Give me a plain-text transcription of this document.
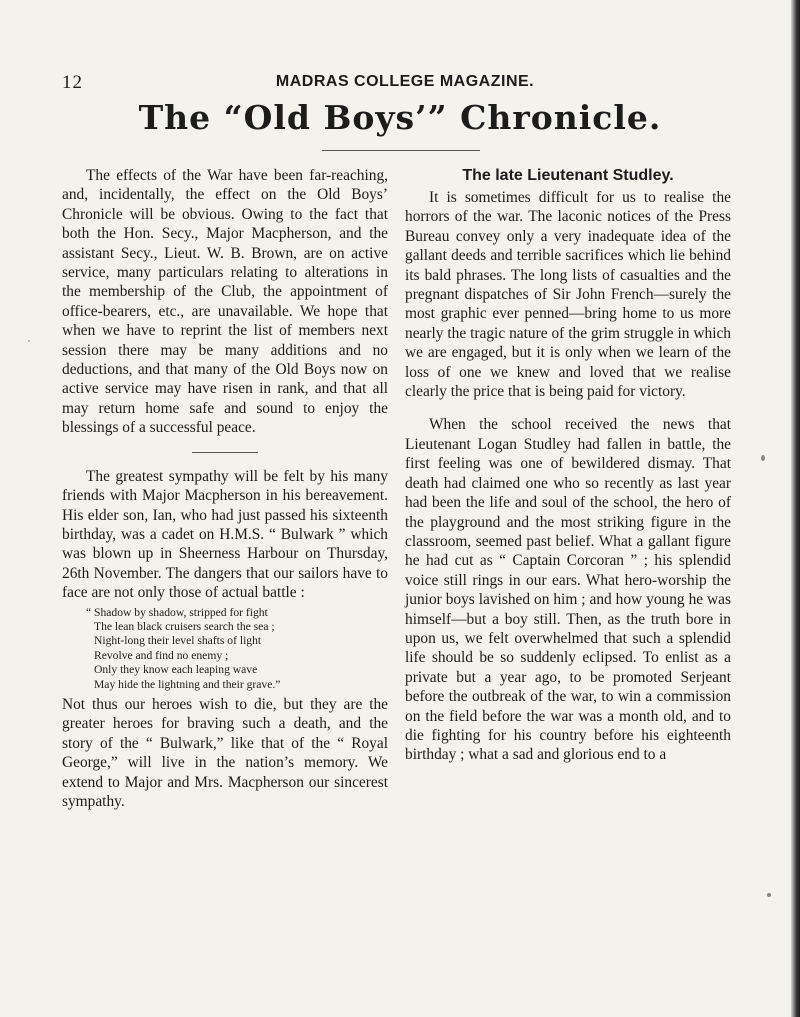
12	MADRAS COLLEGE MAGAZINE.
The “Old Boys’” Chronicle.

The effects of the War have been far-reaching, and, incidentally, the effect on the Old Boys’ Chronicle will be obvious. Owing to the fact that both the Hon. Secy., Major Macpherson, and the assistant Secy., Lieut. W. B. Brown, are on active service, many particulars relating to alterations in the membership of the Club, the appointment of office-bearers, etc., are unavailable. We hope that when we have to reprint the list of members next session there may be many additions and no deductions, and that many of the Old Boys now on active service may have risen in rank, and that all may return home safe and sound to enjoy the blessings of a successful peace.

The greatest sympathy will be felt by his many friends with Major Macpherson in his bereavement. His elder son, Ian, who had just passed his sixteenth birthday, was a cadet on H.M.S. “ Bulwark ” which was blown up in Sheerness Harbour on Thursday, 26th November. The dangers that our sailors have to face are not only those of actual battle :

“ Shadow by shadow, stripped for fight
The lean black cruisers search the sea ;
Night-long their level shafts of light
Revolve and find no enemy ;
Only they know each leaping wave
May hide the lightning and their grave.”

Not thus our heroes wish to die, but they are the greater heroes for braving such a death, and the story of the “ Bulwark,” like that of the “ Royal George,” will live in the nation’s memory. We extend to Major and Mrs. Macpherson our sincerest sympathy.

The late Lieutenant Studley.

It is sometimes difficult for us to realise the horrors of the war. The laconic notices of the Press Bureau convey only a very inadequate idea of the gallant deeds and terrible sacrifices which lie behind its bald phrases. The long lists of casualties and the pregnant dispatches of Sir John French—surely the most graphic ever penned—bring home to us more nearly the tragic nature of the grim struggle in which we are engaged, but it is only when we learn of the loss of one we knew and loved that we realise clearly the price that is being paid for victory.

When the school received the news that Lieutenant Logan Studley had fallen in battle, the first feeling was one of bewildered dismay. That death had claimed one who so recently as last year had been the life and soul of the school, the hero of the playground and the most striking figure in the classroom, seemed past belief. What a gallant figure he had cut as “ Captain Corcoran ” ; his splendid voice still rings in our ears. What hero-worship the junior boys lavished on him ; and how young he was himself—but a boy still. Then, as the truth bore in upon us, we felt overwhelmed that such a splendid life should be so suddenly eclipsed. To enlist as a private but a year ago, to be promoted Serjeant before the outbreak of the war, to win a commission on the field before the war was a month old, and to die fighting for his country before his eighteenth birthday ; what a sad and glorious end to a
